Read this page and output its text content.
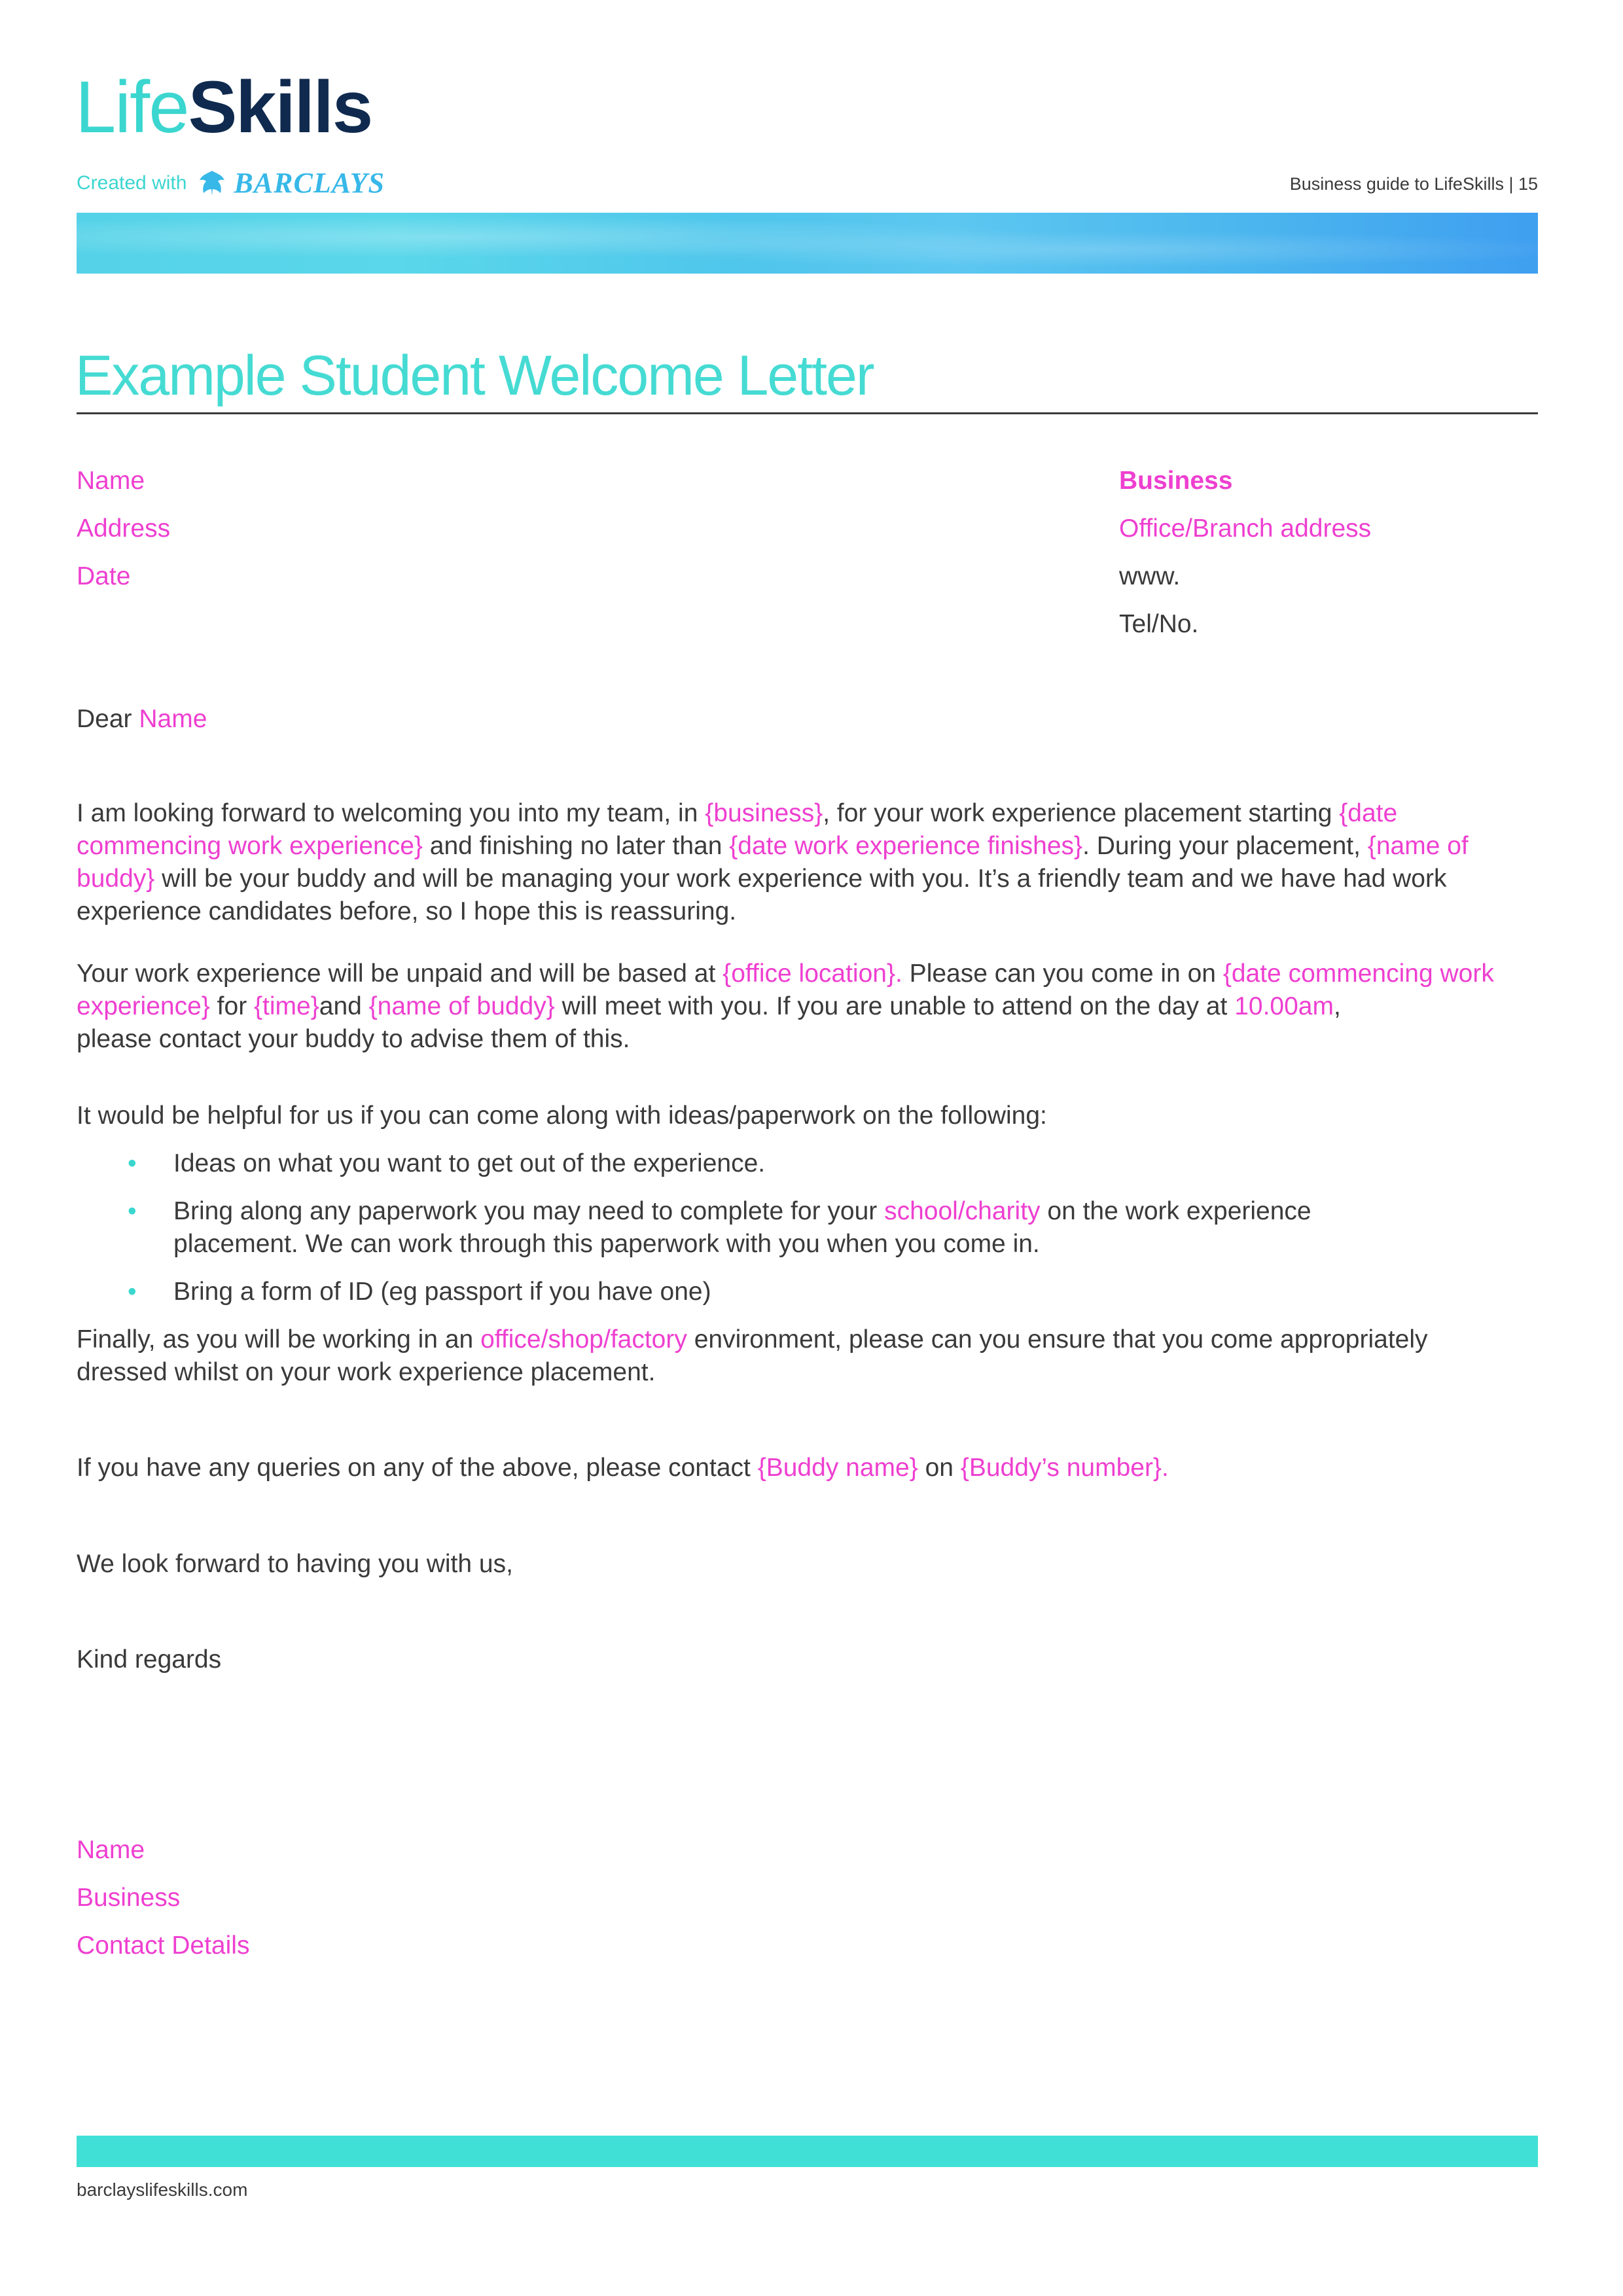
LifeSkills
Created with BARCLAYS	Business guide to LifeSkills | 15
Example Student Welcome Letter
Name
Address
Date
Business
Office/Branch address
www.
Tel/No.
Dear Name

I am looking forward to welcoming you into my team, in {business}, for your work experience placement starting {date commencing work experience} and finishing no later than {date work experience finishes}. During your placement, {name of buddy} will be your buddy and will be managing your work experience with you. It’s a friendly team and we have had work experience candidates before, so I hope this is reassuring.

Your work experience will be unpaid and will be based at {office location}. Please can you come in on {date commencing work experience} for {time}and {name of buddy} will meet with you. If you are unable to attend on the day at 10.00am,
please contact your buddy to advise them of this.

It would be helpful for us if you can come along with ideas/paperwork on the following:
• Ideas on what you want to get out of the experience.
• Bring along any paperwork you may need to complete for your school/charity on the work experience
placement. We can work through this paperwork with you when you come in.
• Bring a form of ID (eg passport if you have one)

Finally, as you will be working in an office/shop/factory environment, please can you ensure that you come appropriately
dressed whilst on your work experience placement.

If you have any queries on any of the above, please contact {Buddy name} on {Buddy’s number}.
We look forward to having you with us,
Kind regards
Name
Business
Contact Details
barclayslifeskills.com
